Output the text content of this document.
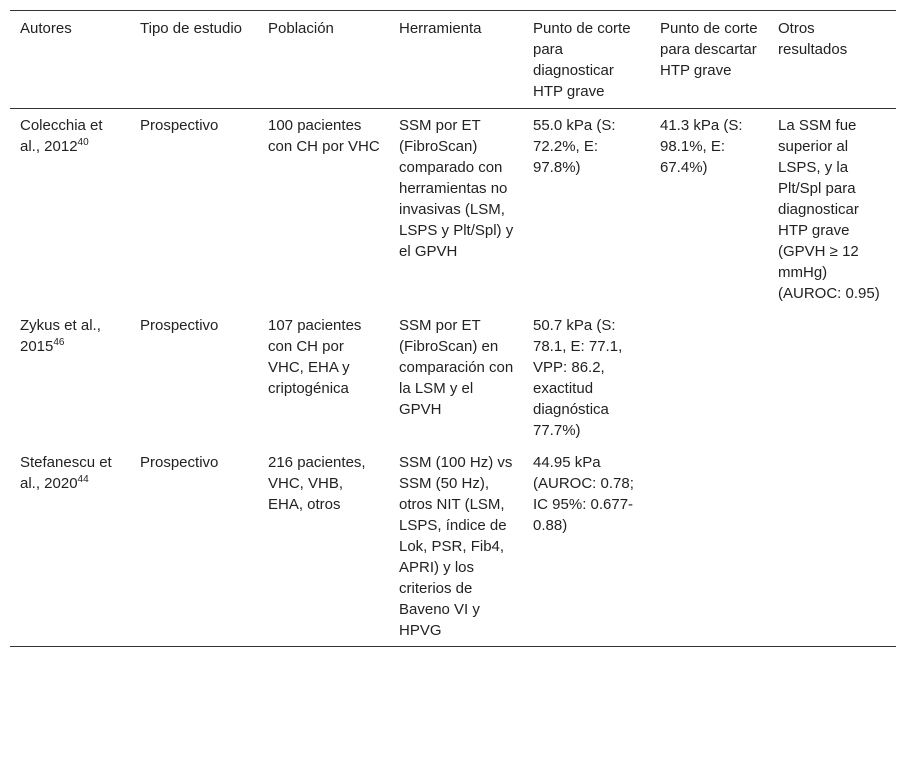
Autores	Tipo de estudio	Población	Herramienta	Punto de corte para diagnosticar HTP grave	Punto de corte para descartar HTP grave	Otros resultados
Colecchia et al., 2012$^{40}$	Prospectivo	100 pacientes con CH por VHC	SSM por ET (FibroScan) comparado con herramientas no invasivas (LSM, LSPS y Plt/Spl) y el GPVH	55.0 kPa (S: 72.2%, E: 97.8%)	41.3 kPa (S: 98.1%, E: 67.4%)	La SSM fue superior al LSPS, y la Plt/Spl para diagnosticar HTP grave (GPVH ≥ 12 mmHg) (AUROC: 0.95)
Zykus et al., 2015$^{46}$	Prospectivo	107 pacientes con CH por VHC, EHA y criptogénica	SSM por ET (FibroScan) en comparación con la LSM y el GPVH	50.7 kPa (S: 78.1, E: 77.1, VPP: 86.2, exactitud diagnóstica 77.7%)		
Stefanescu et al., 2020$^{44}$	Prospectivo	216 pacientes, VHC, VHB, EHA, otros	SSM (100 Hz) vs SSM (50 Hz), otros NIT (LSM, LSPS, índice de Lok, PSR, Fib4, APRI) y los criterios de Baveno VI y HPVG	44.95 kPa (AUROC: 0.78; IC 95%: 0.677-0.88)		
